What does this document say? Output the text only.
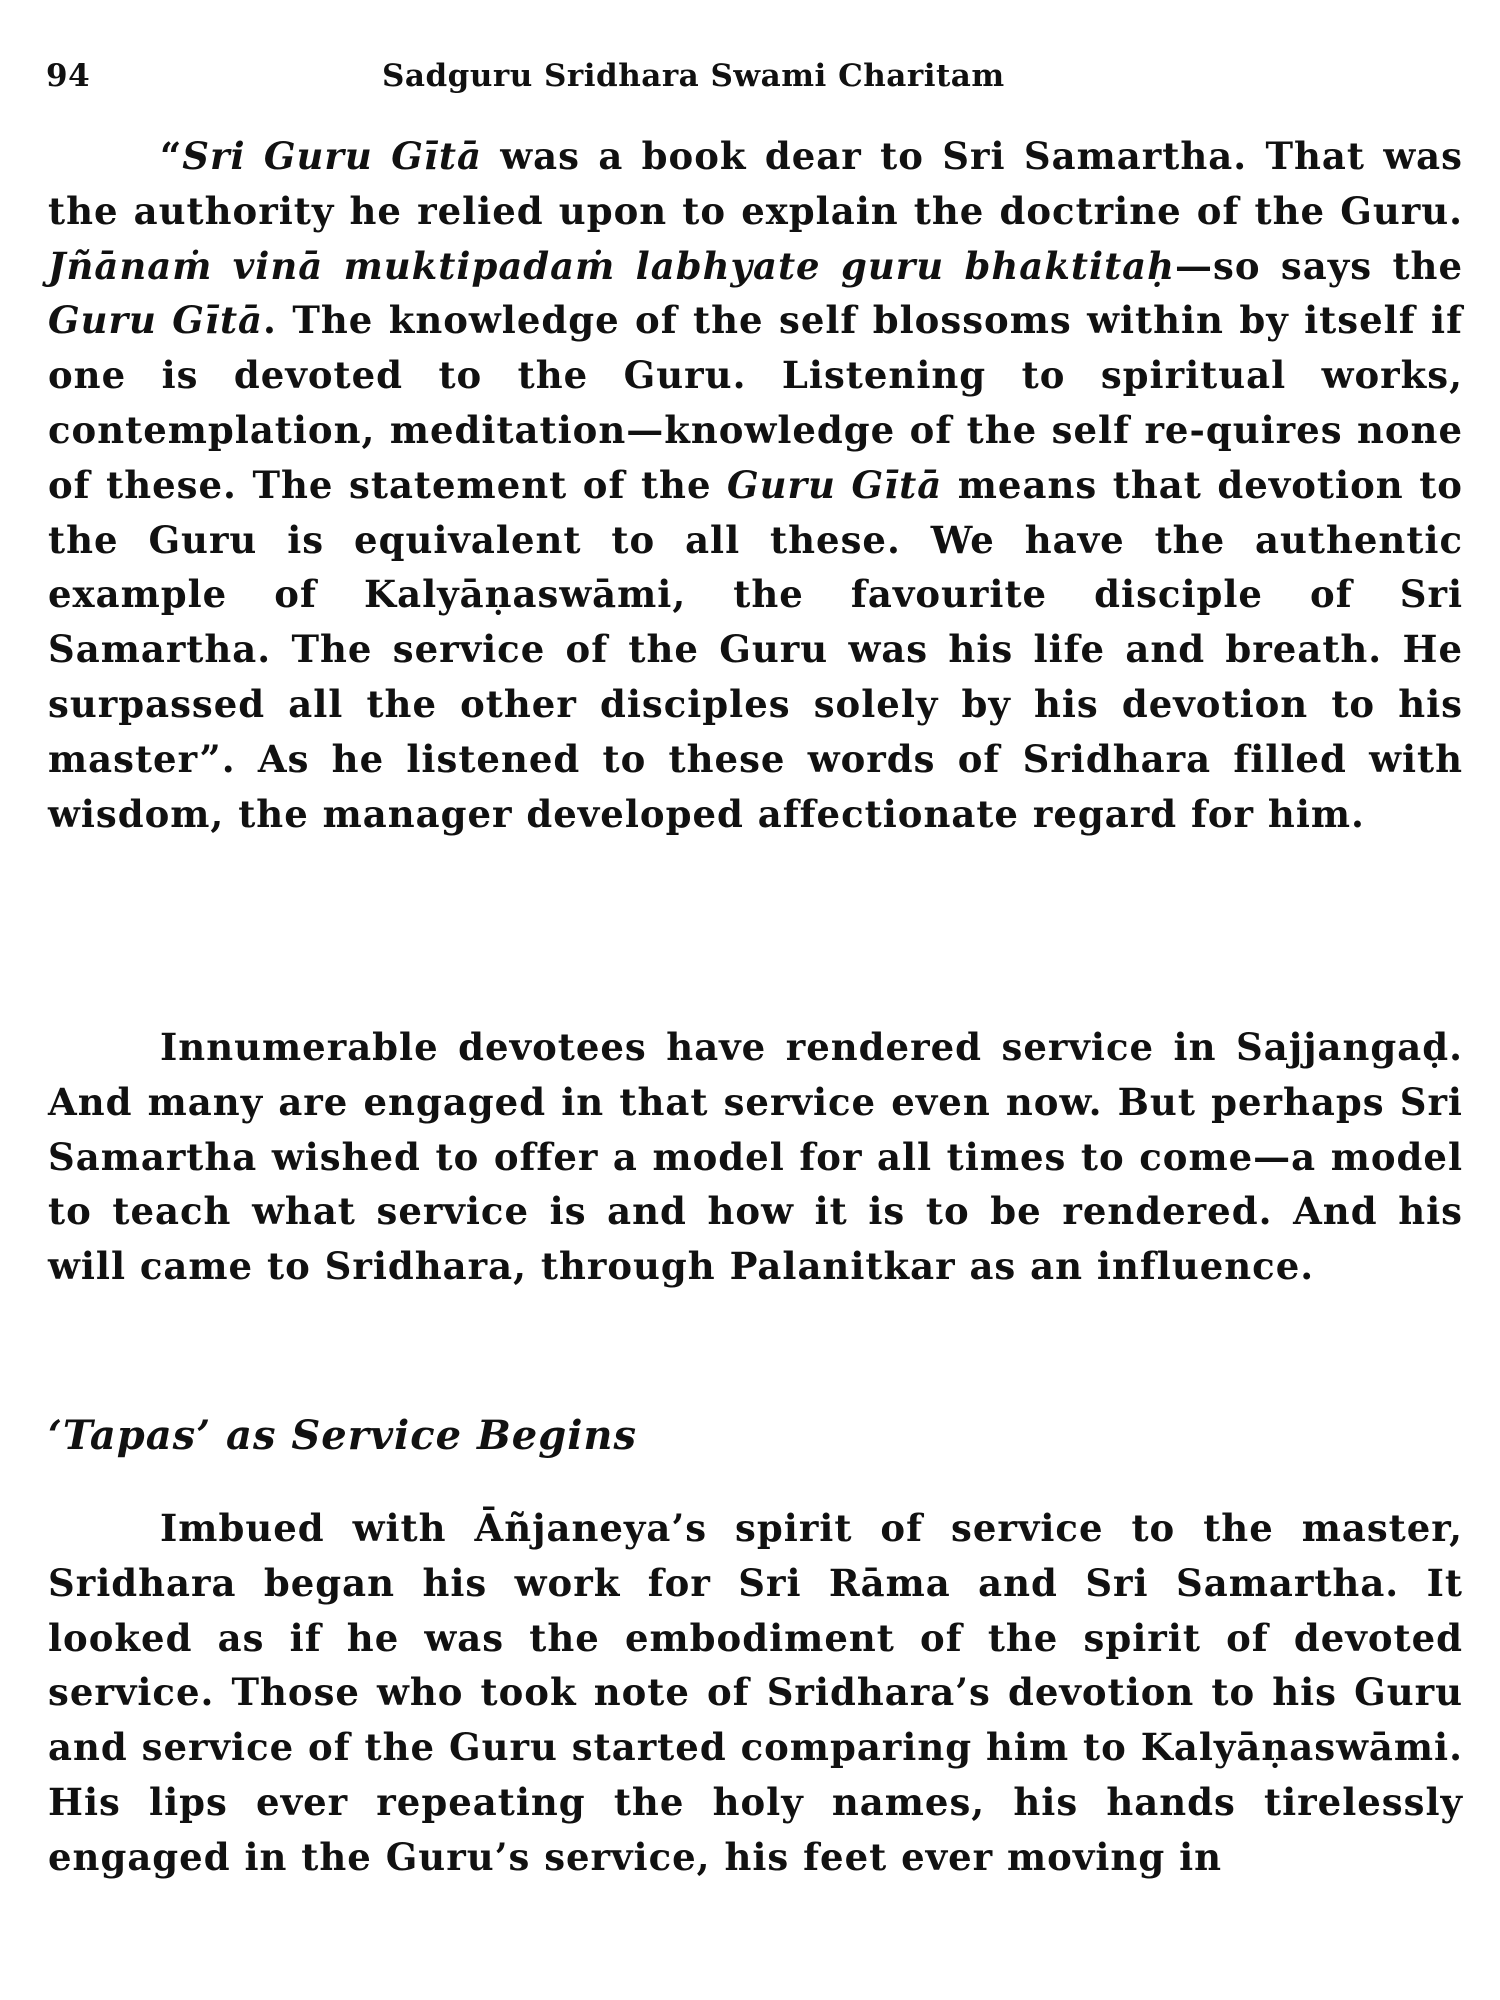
94	Sadguru Sridhara Swami Charitam

“Sri Guru Gītā was a book dear to Sri Samartha. That was the authority he relied upon to explain the doctrine of the Guru. Jñānaṁ vinā muktipadaṁ labhyate guru bhaktitaḥ—so says the Guru Gītā. The knowledge of the self blossoms within by itself if one is devoted to the Guru. Listening to spiritual works, contemplation, meditation—knowledge of the self re-quires none of these. The statement of the Guru Gītā means that devotion to the Guru is equivalent to all these. We have the authentic example of Kalyāṇaswāmi, the favourite disciple of Sri Samartha. The service of the Guru was his life and breath. He surpassed all the other disciples solely by his devotion to his master”. As he listened to these words of Sridhara filled with wisdom, the manager developed affectionate regard for him.

Innumerable devotees have rendered service in Sajjangaḍ. And many are engaged in that service even now. But perhaps Sri Samartha wished to offer a model for all times to come—a model to teach what service is and how it is to be rendered. And his will came to Sridhara, through Palanitkar as an influence.

‘Tapas’ as Service Begins

Imbued with Āñjaneya’s spirit of service to the master, Sridhara began his work for Sri Rāma and Sri Samartha. It looked as if he was the embodiment of the spirit of devoted service. Those who took note of Sridhara’s devotion to his Guru and service of the Guru started comparing him to Kalyāṇaswāmi. His lips ever repeating the holy names, his hands tirelessly engaged in the Guru’s service, his feet ever moving in
